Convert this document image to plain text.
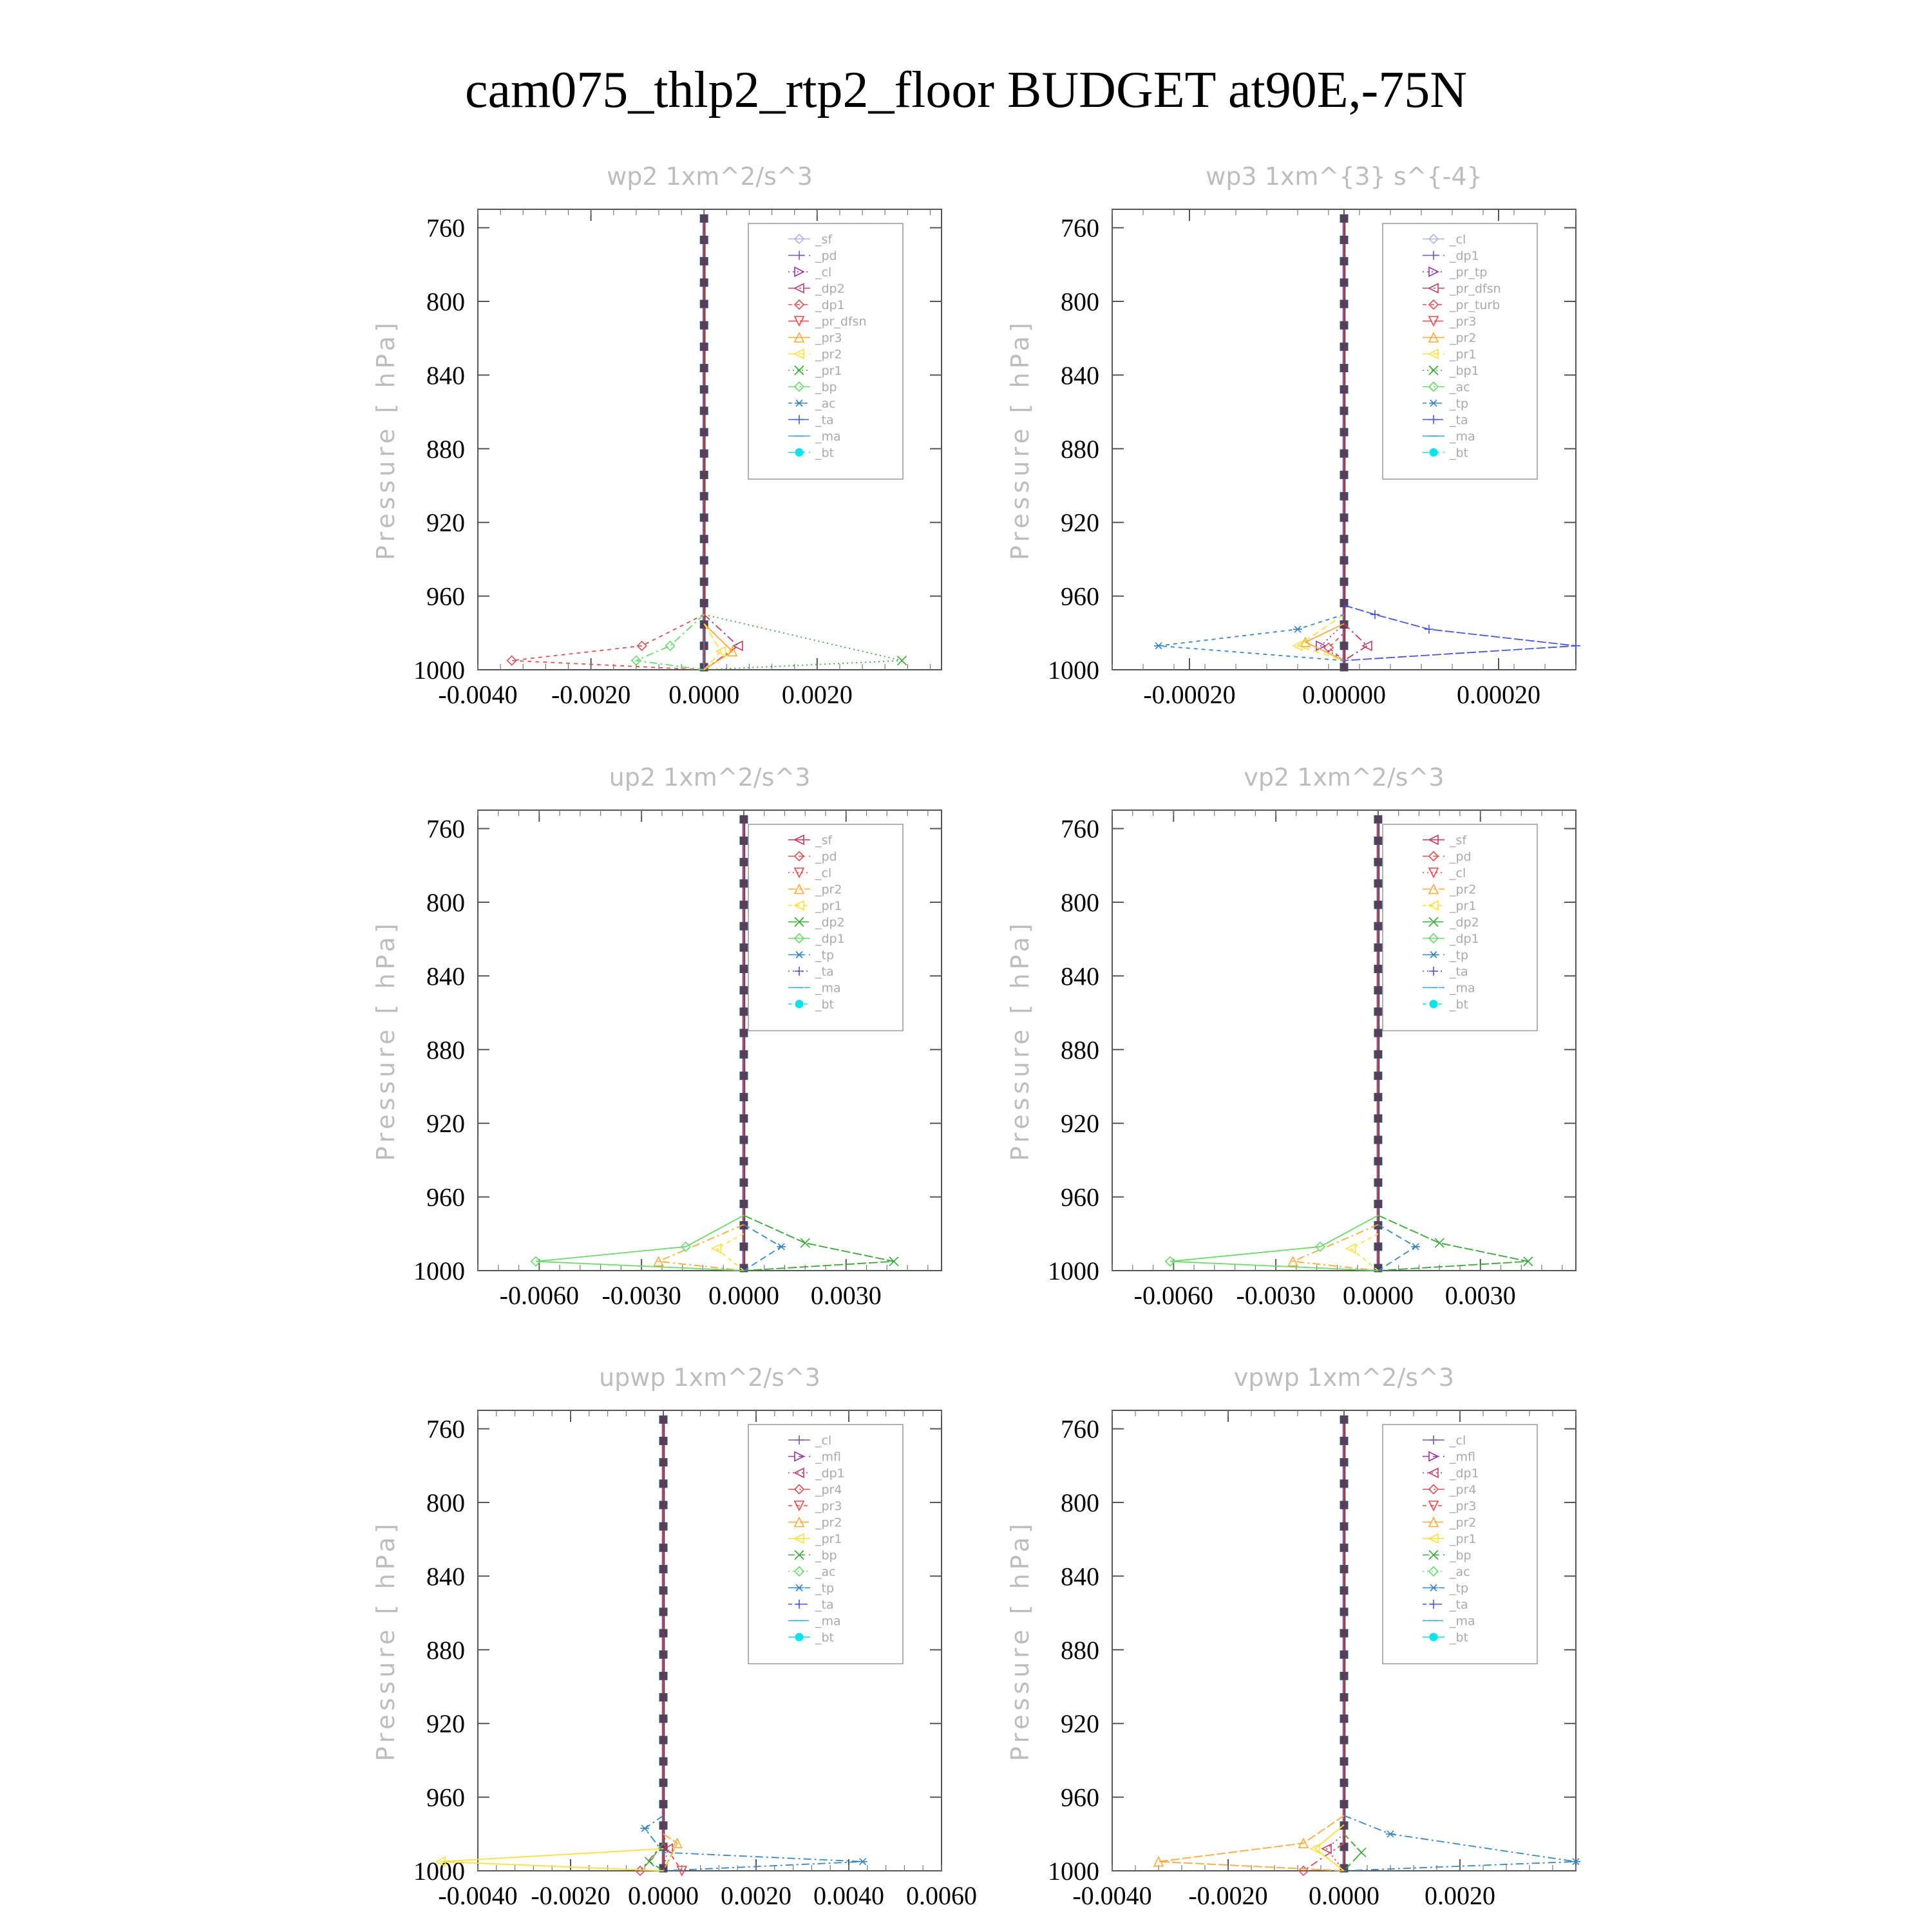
cam075_thlp2_rtp2_floor BUDGET at90E,-75N
wp2 1xm^2/s^3
Pressure [ hPa]
760
800
840
880
920
960
1000
-0.0040 -0.0020 0.0000 0.0020
_sf
_pd
_cl
_dp2
_dp1
_pr_dfsn
_pr3
_pr2
_pr1
_bp
_ac
_ta
_ma
_bt
wp3 1xm^{3} s^{-4}
Pressure [ hPa]
760
800
840
880
920
960
1000
-0.00020	0.00000	0.00020
_cl
_dp1
_pr_tp
_pr_dfsn
_pr_turb
_pr3
_pr2
_pr1
_bp1
_ac
_tp
_ta
_ma
_bt
up2 1xm^2/s^3
Pressure [ hPa]
760
800
840
880
920
960
1000
-0.0060 -0.0030 0.0000 0.0030
_sf
_pd
_cl
_pr2
_pr1
_dp2
_dp1
_tp
_ta
_ma
_bt
vp2 1xm^2/s^3
Pressure [ hPa]
760
800
840
880
920
960
1000
-0.0060 -0.0030 0.0000 0.0030
_sf
_pd
_cl
_pr2
_pr1
_dp2
_dp1
_tp
_ta
_ma
_bt
upwp 1xm^2/s^3
Pressure [ hPa]
760
800
840
880
920
960
1000
-0.0040 -0.0020 0.0000 0.0020 0.0040 0.0060
_cl
_mfl
_dp1
_pr4
_pr3
_pr2
_pr1
_bp
_ac
_tp
_ta
_ma
_bt
vpwp 1xm^2/s^3
Pressure [ hPa]
760
800
840
880
920
960
1000
-0.0040 -0.0020 0.0000 0.0020
_cl
_mfl
_dp1
_pr4
_pr3
_pr2
_pr1
_bp
_ac
_tp
_ta
_ma
_bt
